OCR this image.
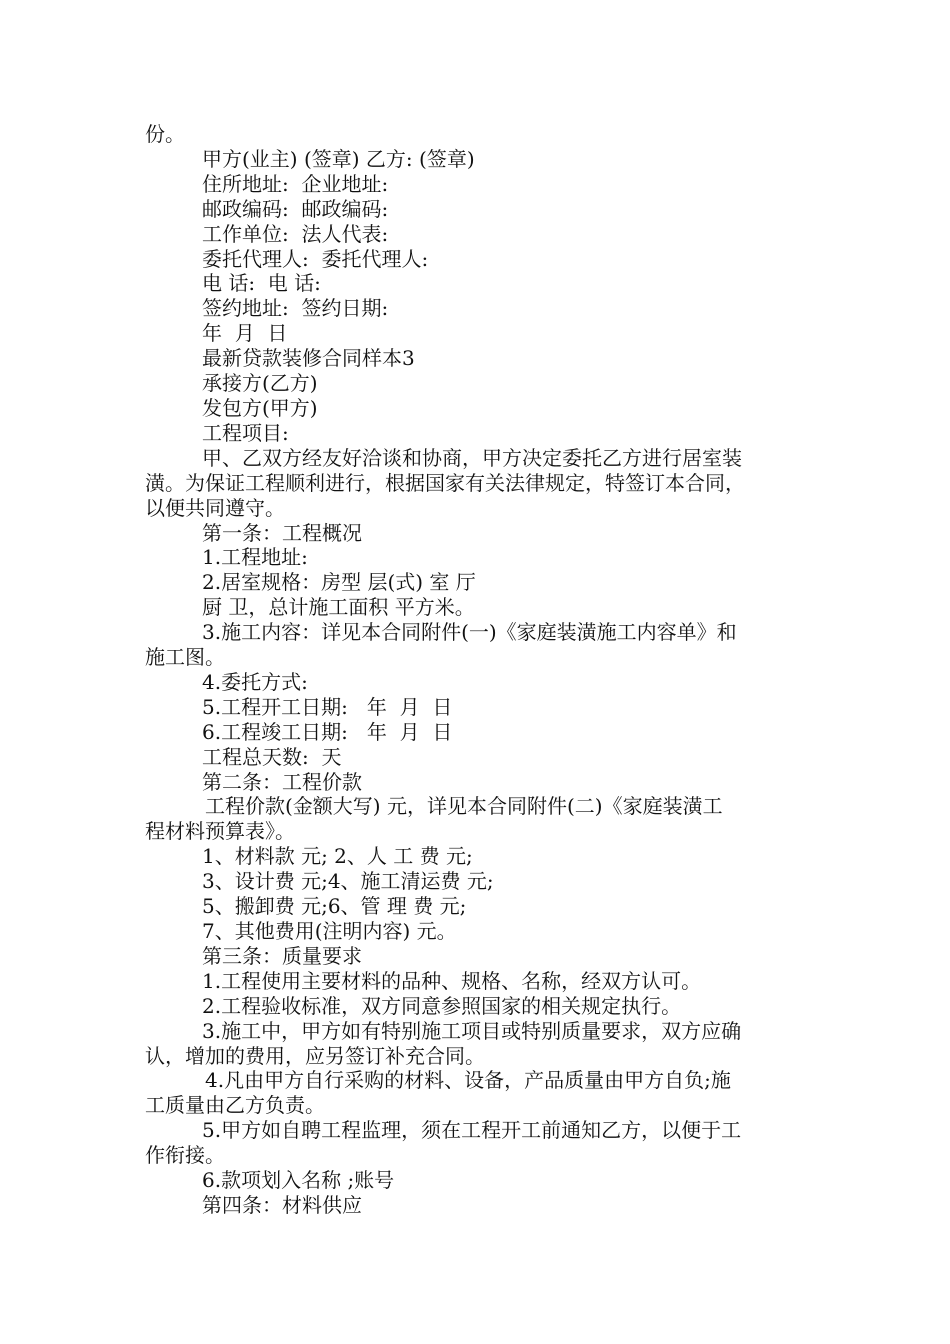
份。

甲方(业主) (签章) 乙方: (签章)

住所地址:  企业地址:

邮政编码:  邮政编码:

工作单位:  法人代表:

委托代理人:  委托代理人:

电 话:  电 话:

签约地址:  签约日期:

年  月  日

最新贷款装修合同样本3

承接方(乙方)

发包方(甲方)

工程项目:

甲、乙双方经友好洽谈和协商，甲方决定委托乙方进行居室装

潢。为保证工程顺利进行，根据国家有关法律规定，特签订本合同，

以便共同遵守。

第一条：工程概况

1.工程地址:

2.居室规格：房型 层(式) 室 厅

厨 卫，总计施工面积 平方米。

3.施工内容：详见本合同附件(一)《家庭装潢施工内容单》和

施工图。

4.委托方式:

5.工程开工日期:   年  月  日

6.工程竣工日期:   年  月  日

工程总天数:  天

第二条：工程价款

工程价款(金额大写) 元，详见本合同附件(二)《家庭装潢工

程材料预算表》。

1、材料款 元; 2、人 工 费 元;

3、设计费 元;4、施工清运费 元;

5、搬卸费 元;6、管 理 费 元;

7、其他费用(注明内容) 元。

第三条：质量要求

1.工程使用主要材料的品种、规格、名称，经双方认可。

2.工程验收标准，双方同意参照国家的相关规定执行。

3.施工中，甲方如有特别施工项目或特别质量要求，双方应确

认，增加的费用，应另签订补充合同。

4.凡由甲方自行采购的材料、设备，产品质量由甲方自负;施

工质量由乙方负责。

5.甲方如自聘工程监理，须在工程开工前通知乙方，以便于工

作衔接。

6.款项划入名称 ;账号

第四条：材料供应
